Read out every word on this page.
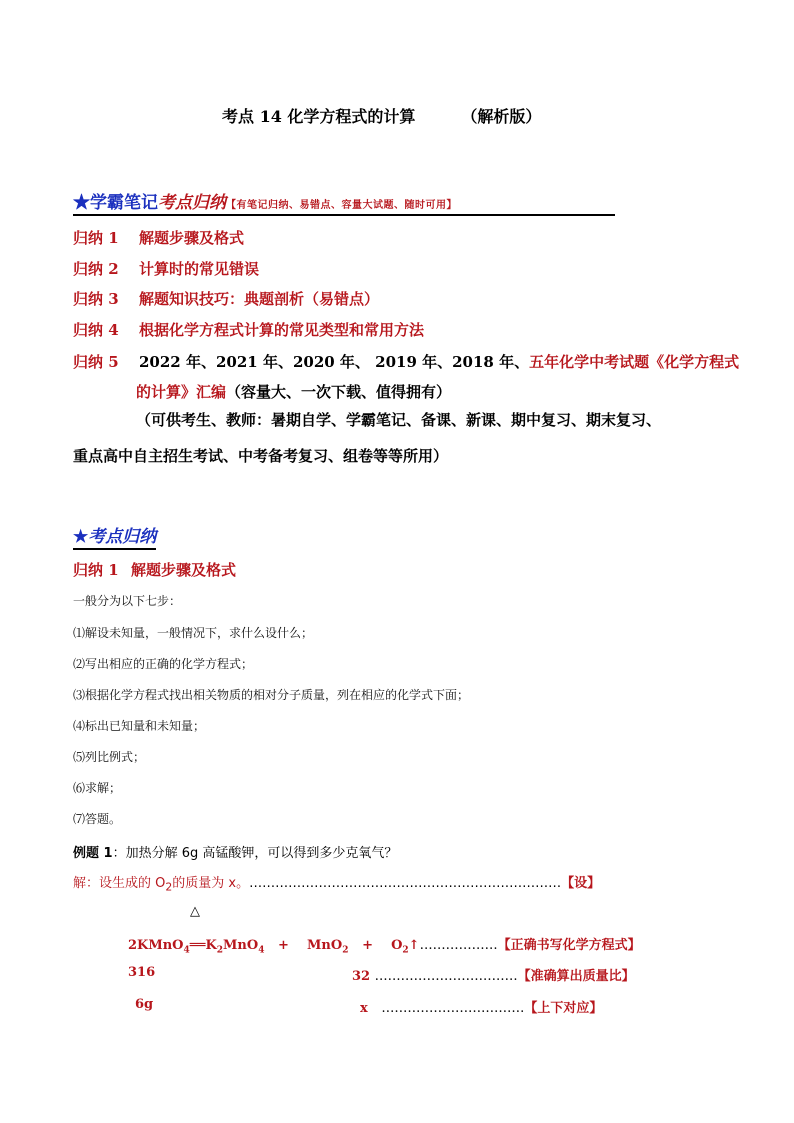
考点 14 化学方程式的计算	（解析版）
★学霸笔记考点归纳【有笔记归纳、易错点、容量大试题、随时可用】
归纳 1 解题步骤及格式
归纳 2 计算时的常见错误
归纳 3 解题知识技巧：典题剖析（易错点）
归纳 4 根据化学方程式计算的常见类型和常用方法
归纳 5 2022 年、2021 年、2020 年、 2019 年、2018 年、五年化学中考试题《化学方程式
的计算》汇编（容量大、一次下载、值得拥有）
（可供考生、教师：暑期自学、学霸笔记、备课、新课、期中复习、期末复习、
重点高中自主招生考试、中考备考复习、组卷等等所用）
★考点归纳
归纳 1 解题步骤及格式
一般分为以下七步：
⑴解设未知量，一般情况下，求什么设什么；
⑵写出相应的正确的化学方程式；
⑶根据化学方程式找出相关物质的相对分子质量，列在相应的化学式下面；
⑷标出已知量和未知量；
⑸列比例式；
⑹求解；
⑺答题。
例题 1：加热分解 6g 高锰酸钾，可以得到多少克氧气？
解：设生成的 $O_2$的质量为 x。………………………………………………………………【设】
△
$2KMnO_4══K_2MnO_4 + MnO_2$ + $O_2↑\dots\dots\dots\dots\dots\dots$【正确书写化学方程式】
316	32 ……………………………【准确算出质量比】
6g	x ……………………………【上下对应】
